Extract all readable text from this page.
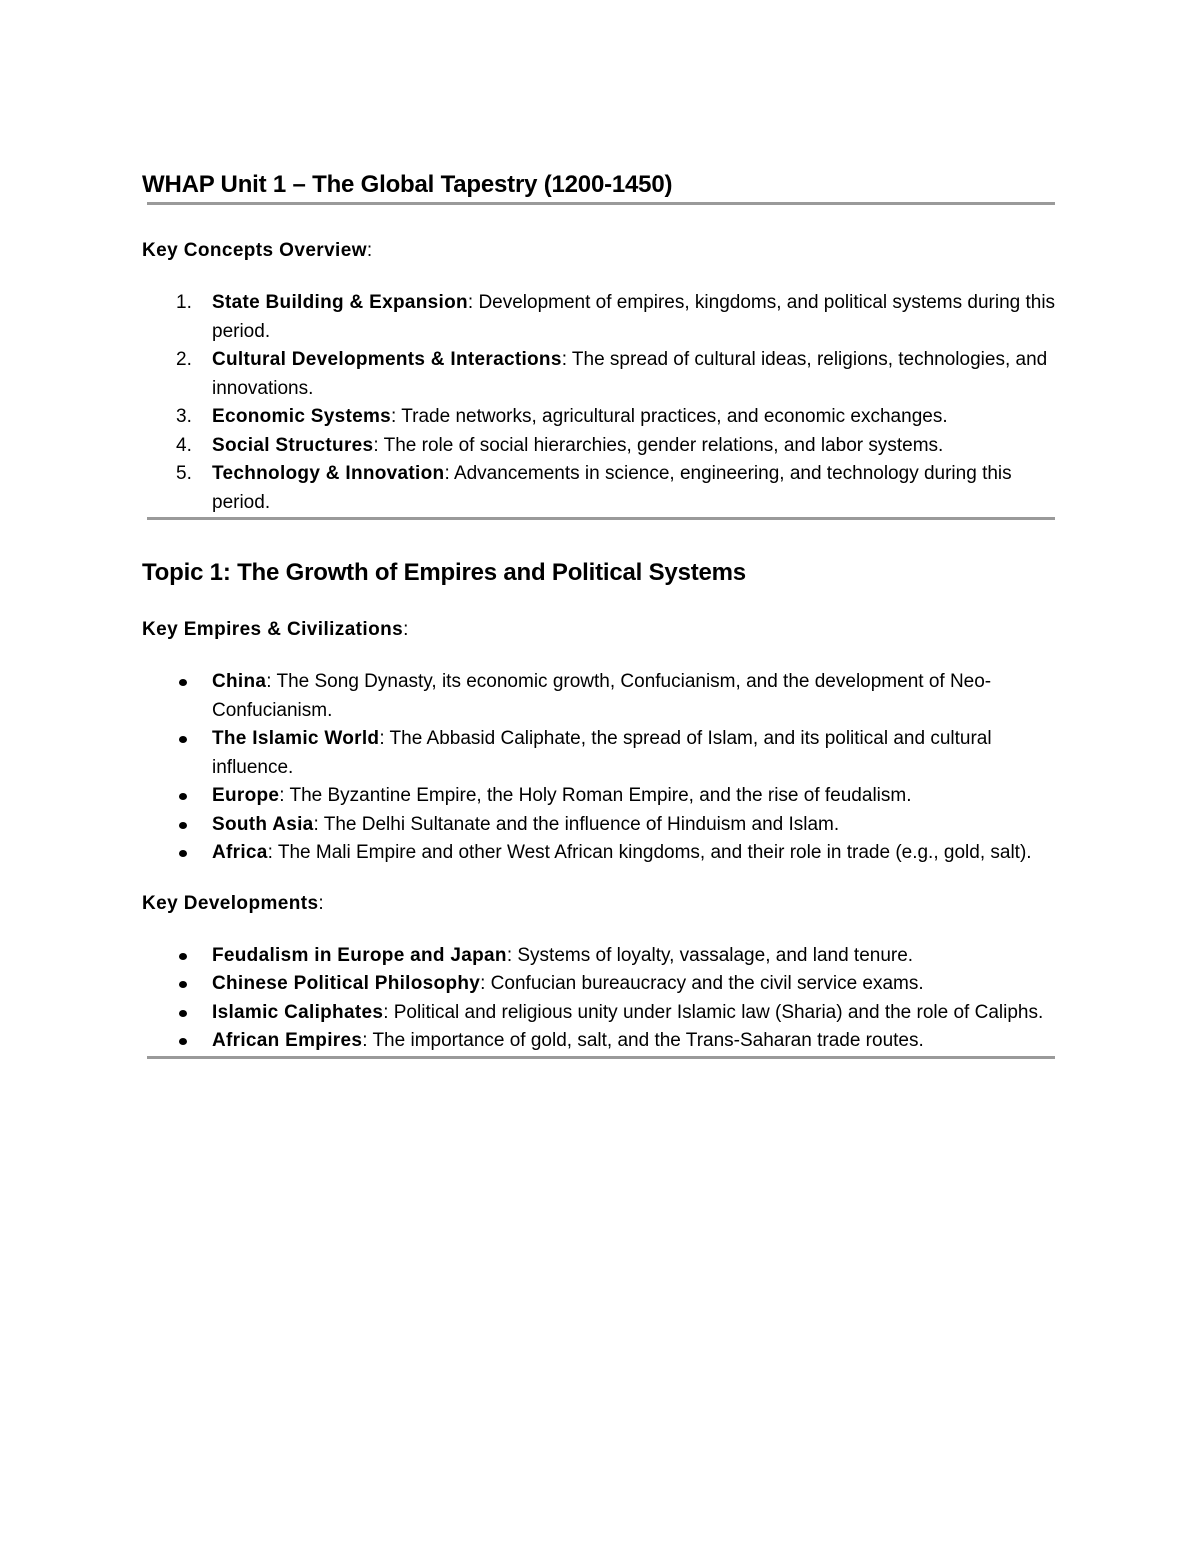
WHAP Unit 1 – The Global Tapestry (1200-1450)

Key Concepts Overview:

1.	State Building & Expansion: Development of empires, kingdoms, and political systems during this period.
2.	Cultural Developments & Interactions: The spread of cultural ideas, religions, technologies, and innovations.
3.	Economic Systems: Trade networks, agricultural practices, and economic exchanges.
4.	Social Structures: The role of social hierarchies, gender relations, and labor systems.
5.	Technology & Innovation: Advancements in science, engineering, and technology during this period.
Topic 1: The Growth of Empires and Political Systems

Key Empires & Civilizations:

China: The Song Dynasty, its economic growth, Confucianism, and the development of Neo-Confucianism.
The Islamic World: The Abbasid Caliphate, the spread of Islam, and its political and cultural influence.
Europe: The Byzantine Empire, the Holy Roman Empire, and the rise of feudalism.
South Asia: The Delhi Sultanate and the influence of Hinduism and Islam.
Africa: The Mali Empire and other West African kingdoms, and their role in trade (e.g., gold, salt).

Key Developments:

Feudalism in Europe and Japan: Systems of loyalty, vassalage, and land tenure.
Chinese Political Philosophy: Confucian bureaucracy and the civil service exams.
Islamic Caliphates: Political and religious unity under Islamic law (Sharia) and the role of Caliphs.
African Empires: The importance of gold, salt, and the Trans-Saharan trade routes.
